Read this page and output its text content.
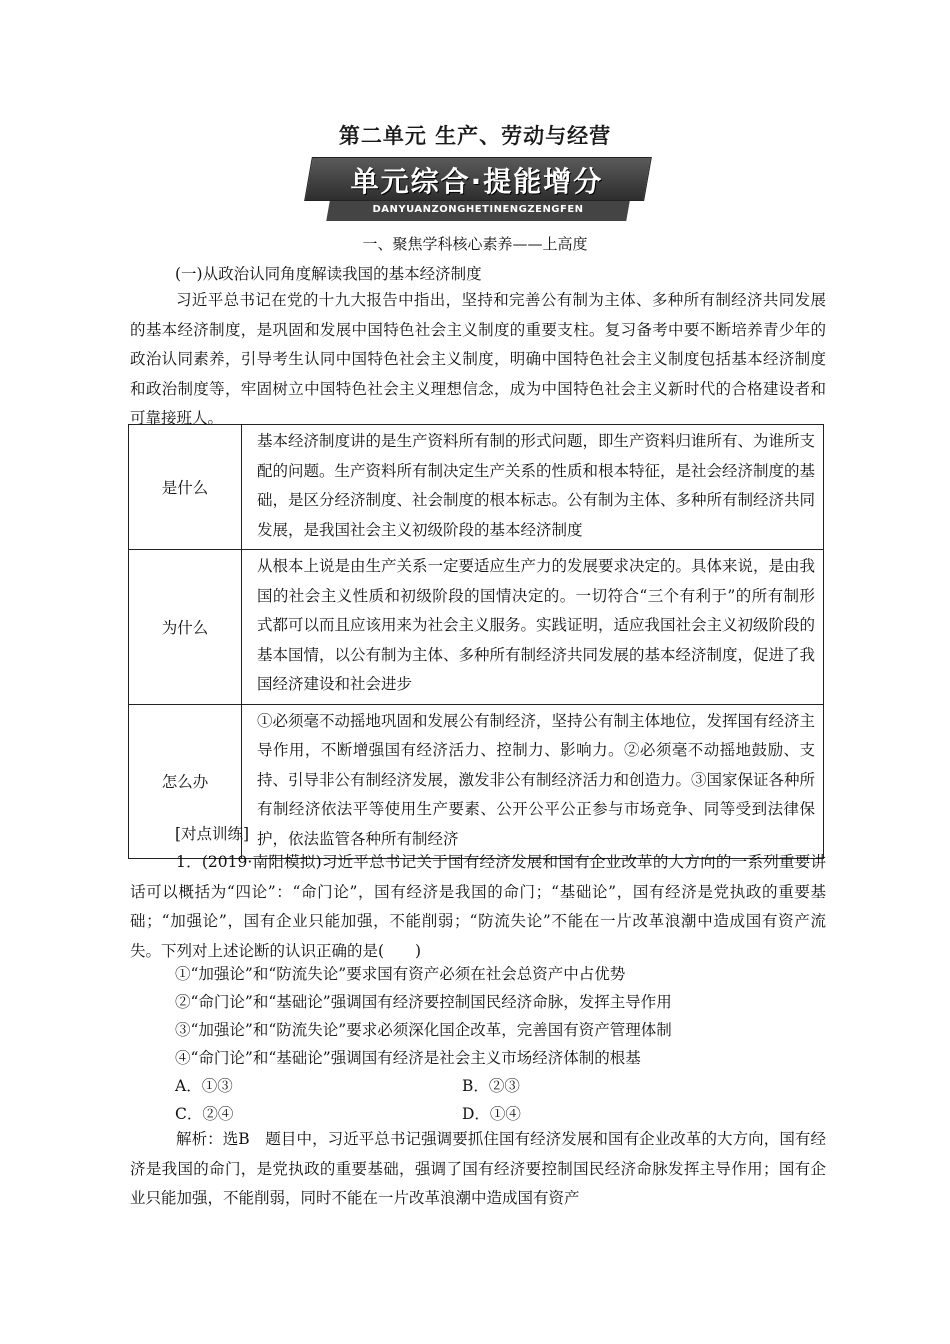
第二单元 生产、劳动与经营
单元综合·提能增分
DANYUANZONGHETINENGZENGFEN
一、聚焦学科核心素养——上高度
(一)从政治认同角度解读我国的基本经济制度
习近平总书记在党的十九大报告中指出，坚持和完善公有制为主体、多种所有制经济共同发展的基本经济制度，是巩固和发展中国特色社会主义制度的重要支柱。复习备考中要不断培养青少年的政治认同素养，引导考生认同中国特色社会主义制度，明确中国特色社会主义制度包括基本经济制度和政治制度等，牢固树立中国特色社会主义理想信念，成为中国特色社会主义新时代的合格建设者和可靠接班人。
是什么	基本经济制度讲的是生产资料所有制的形式问题，即生产资料归谁所有、为谁所支配的问题。生产资料所有制决定生产关系的性质和根本特征，是社会经济制度的基础，是区分经济制度、社会制度的根本标志。公有制为主体、多种所有制经济共同发展，是我国社会主义初级阶段的基本经济制度
为什么	从根本上说是由生产关系一定要适应生产力的发展要求决定的。具体来说，是由我国的社会主义性质和初级阶段的国情决定的。一切符合“三个有利于”的所有制形式都可以而且应该用来为社会主义服务。实践证明，适应我国社会主义初级阶段的基本国情，以公有制为主体、多种所有制经济共同发展的基本经济制度，促进了我国经济建设和社会进步
怎么办	①必须毫不动摇地巩固和发展公有制经济，坚持公有制主体地位，发挥国有经济主导作用，不断增强国有经济活力、控制力、影响力。②必须毫不动摇地鼓励、支持、引导非公有制经济发展，激发非公有制经济活力和创造力。③国家保证各种所有制经济依法平等使用生产要素、公开公平公正参与市场竞争、同等受到法律保护，依法监管各种所有制经济
[对点训练]
1．(2019·南阳模拟)习近平总书记关于国有经济发展和国有企业改革的大方向的一系列重要讲话可以概括为“四论”：“命门论”，国有经济是我国的命门；“基础论”，国有经济是党执政的重要基础；“加强论”，国有企业只能加强，不能削弱；“防流失论”不能在一片改革浪潮中造成国有资产流失。下列对上述论断的认识正确的是(　　)
①“加强论”和“防流失论”要求国有资产必须在社会总资产中占优势
②“命门论”和“基础论”强调国有经济要控制国民经济命脉，发挥主导作用
③“加强论”和“防流失论”要求必须深化国企改革，完善国有资产管理体制
④“命门论”和“基础论”强调国有经济是社会主义市场经济体制的根基
A．①③	B．②③
C．②④	D．①④
解析：选B　题目中，习近平总书记强调要抓住国有经济发展和国有企业改革的大方向，国有经济是我国的命门，是党执政的重要基础，强调了国有经济要控制国民经济命脉发挥主导作用；国有企业只能加强，不能削弱，同时不能在一片改革浪潮中造成国有资产
